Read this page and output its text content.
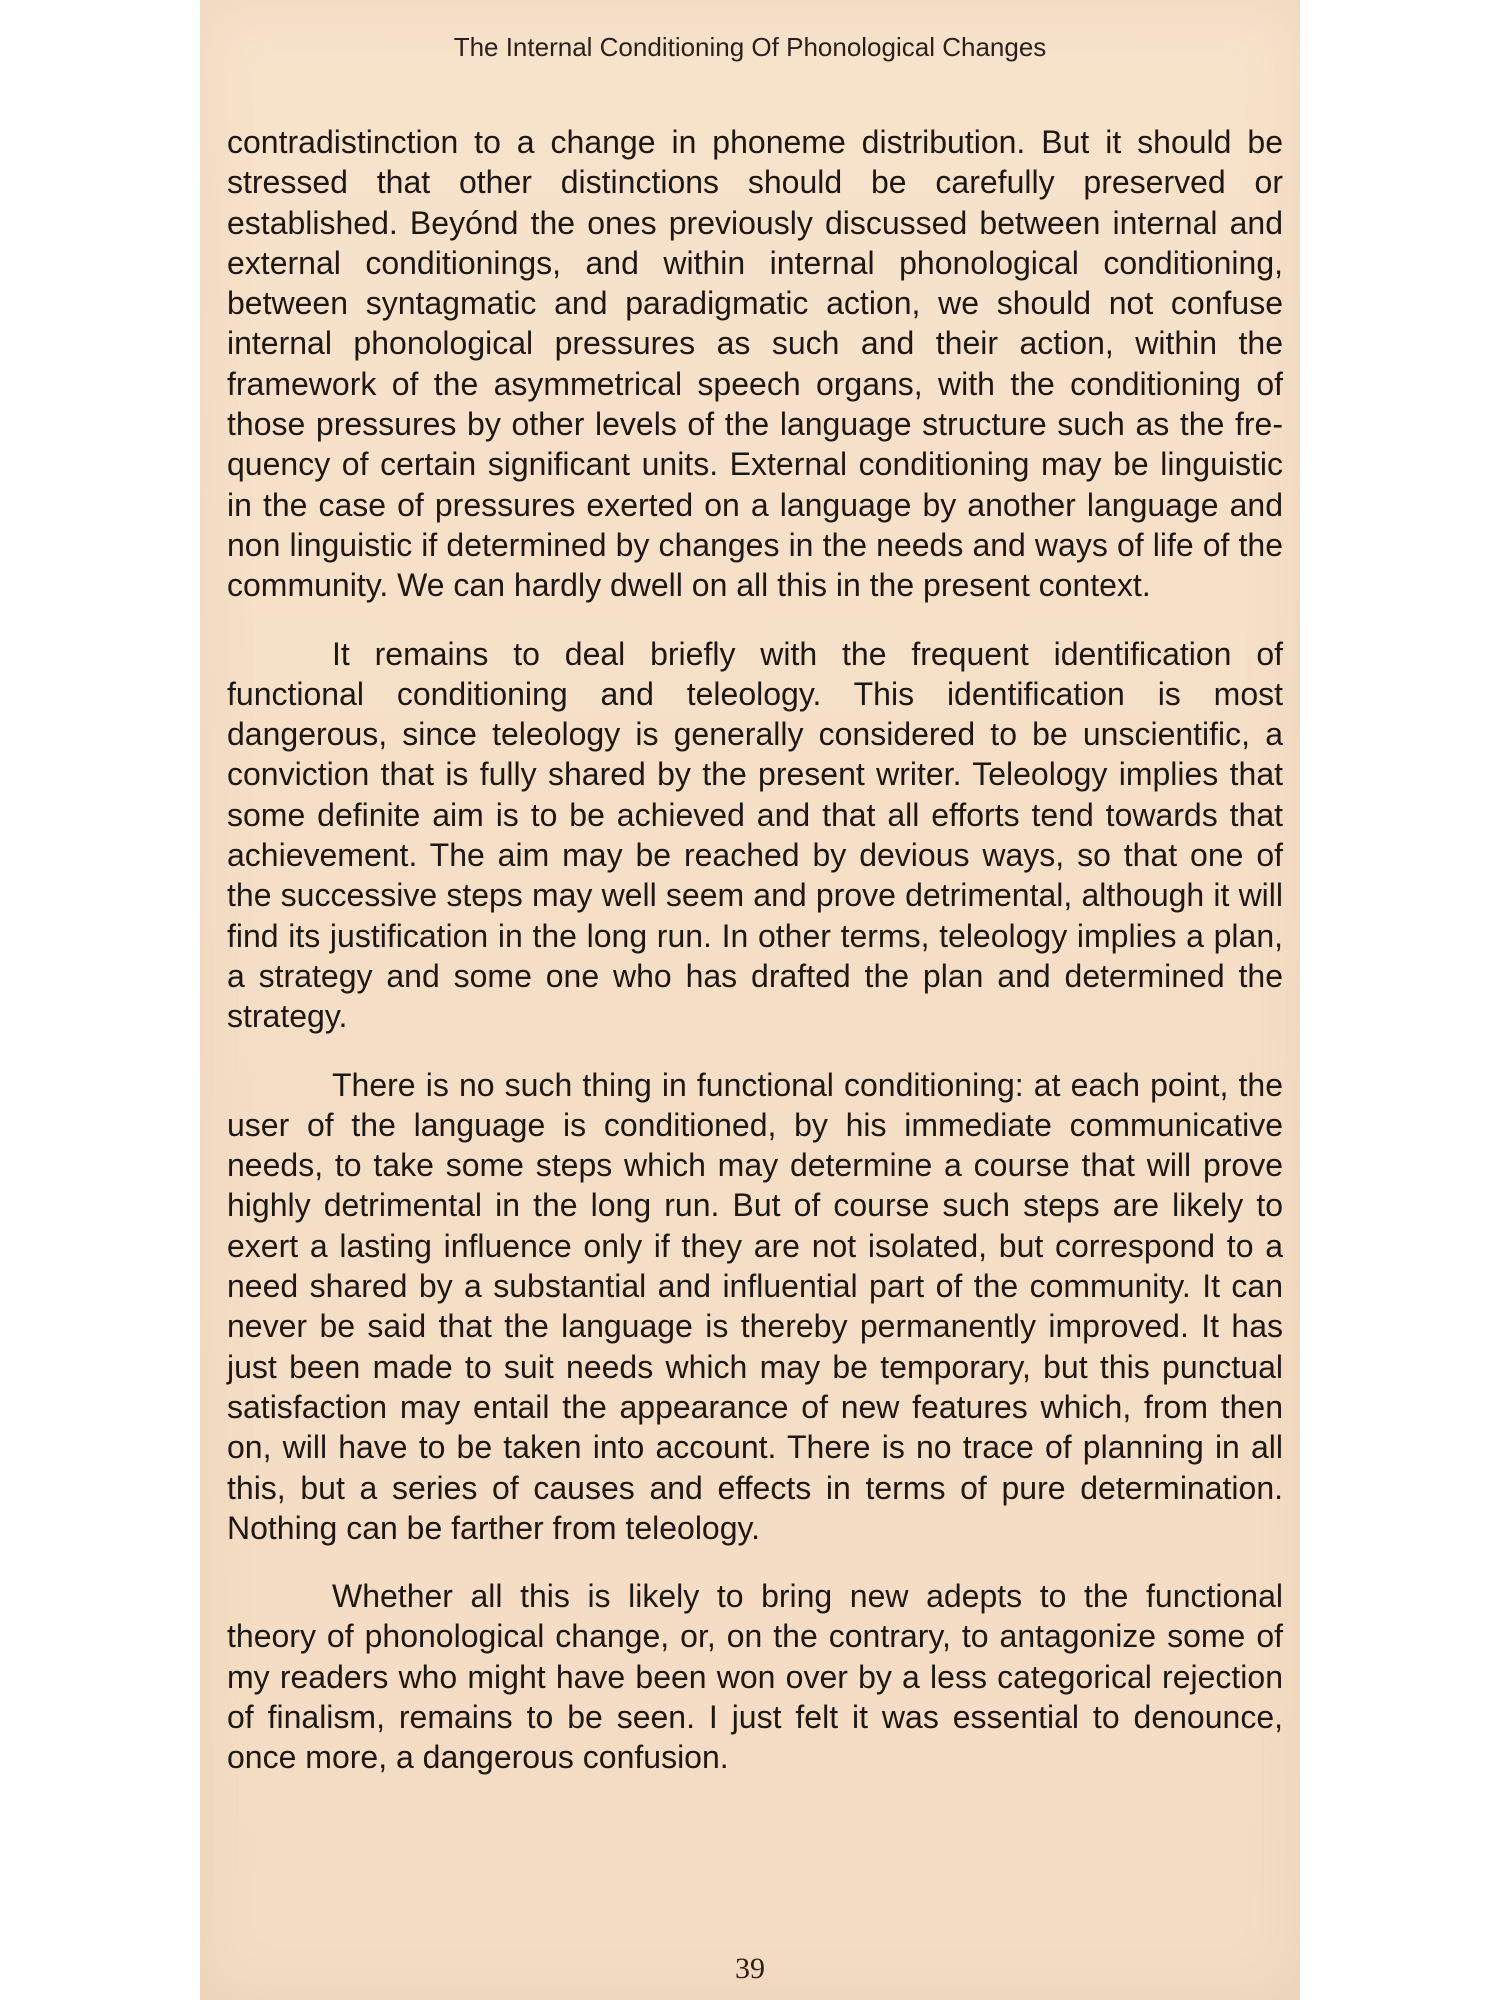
The Internal Conditioning Of Phonological Changes

contradistinction to a change in phoneme distribution. But it should be stressed that other distinctions should be carefully preserved or established. Beyónd the ones previously discussed between internal and external conditionings, and within internal phonological conditioning, between syntagmatic and paradigmatic action, we should not confuse internal phonological pressures as such and their action, within the framework of the asymmetrical speech organs, with the conditioning of those pressures by other levels of the language structure such as the frequency of certain significant units. External conditioning may be linguistic in the case of pressures exerted on a language by another language and non linguistic if determined by changes in the needs and ways of life of the community. We can hardly dwell on all this in the present context.

It remains to deal briefly with the frequent identification of functional conditioning and teleology. This identification is most dangerous, since teleology is generally considered to be unscientific, a conviction that is fully shared by the present writer. Teleology implies that some definite aim is to be achieved and that all efforts tend towards that achievement. The aim may be reached by devious ways, so that one of the successive steps may well seem and prove detrimental, although it will find its justification in the long run. In other terms, teleology implies a plan, a strategy and some one who has drafted the plan and determined the strategy.

There is no such thing in functional conditioning: at each point, the user of the language is conditioned, by his immediate communicative needs, to take some steps which may determine a course that will prove highly detrimental in the long run. But of course such steps are likely to exert a lasting influence only if they are not isolated, but correspond to a need shared by a substantial and influential part of the community. It can never be said that the language is thereby permanently improved. It has just been made to suit needs which may be temporary, but this punctual satisfaction may entail the appearance of new features which, from then on, will have to be taken into account. There is no trace of planning in all this, but a series of causes and effects in terms of pure determination. Nothing can be farther from teleology.

Whether all this is likely to bring new adepts to the functional theory of phonological change, or, on the contrary, to antagonize some of my readers who might have been won over by a less categorical rejection of finalism, remains to be seen. I just felt it was essential to denounce, once more, a dangerous confusion.

39
